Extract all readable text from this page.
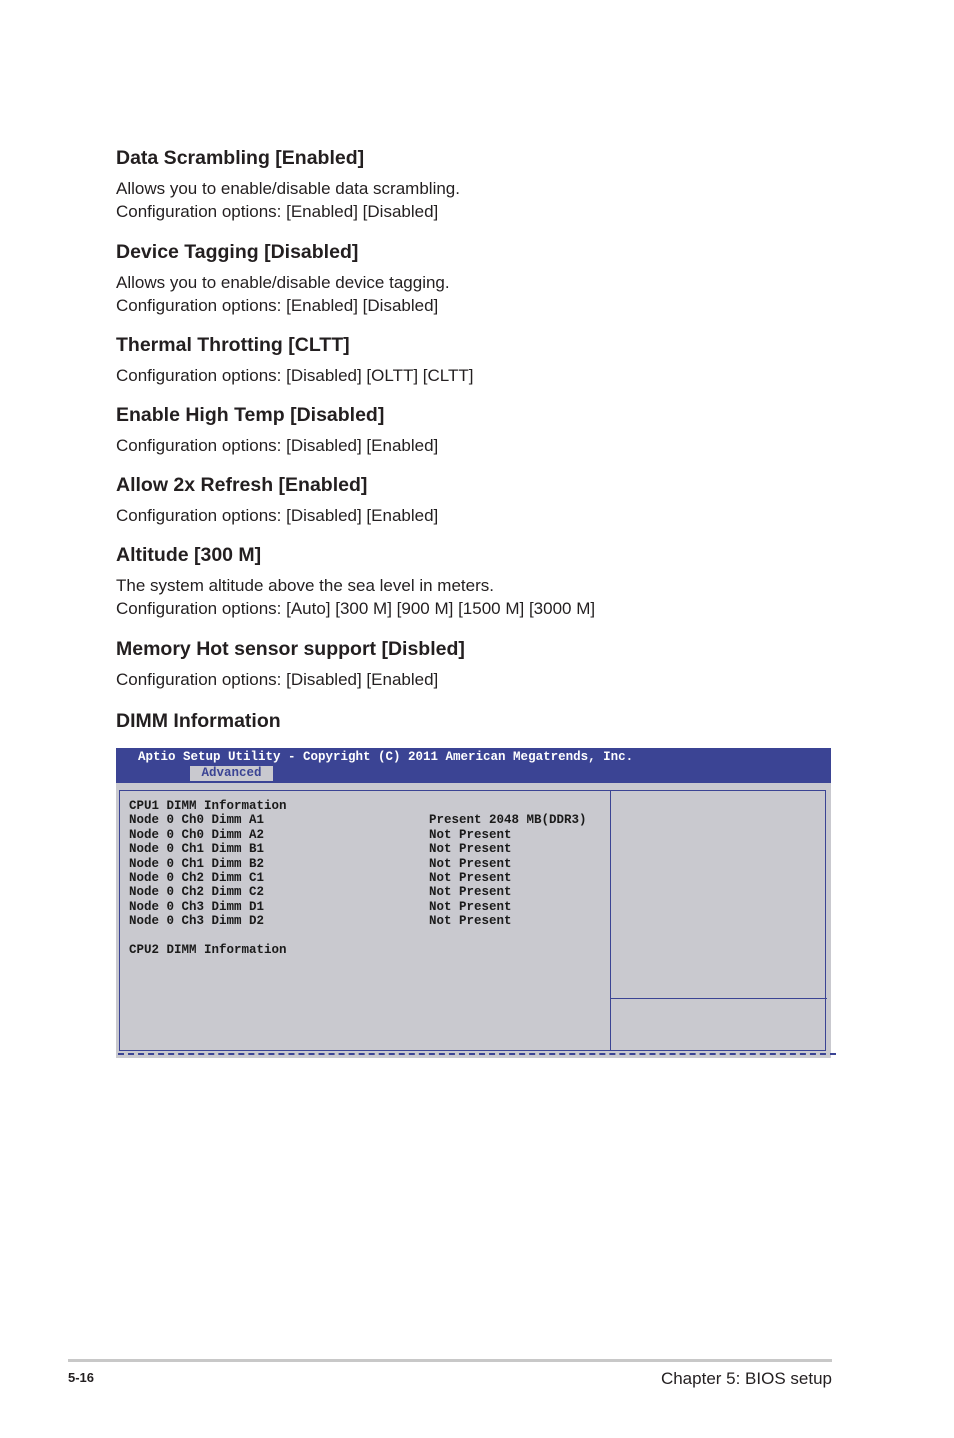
Data Scrambling [Enabled]
Allows you to enable/disable data scrambling.
Configuration options: [Enabled] [Disabled]
Device Tagging [Disabled]
Allows you to enable/disable device tagging.
Configuration options: [Enabled] [Disabled]
Thermal Throtting [CLTT]
Configuration options: [Disabled] [OLTT] [CLTT]
Enable High Temp [Disabled]
Configuration options: [Disabled] [Enabled]
Allow 2x Refresh [Enabled]
Configuration options: [Disabled] [Enabled]
Altitude [300 M]
The system altitude above the sea level in meters.
Configuration options: [Auto] [300 M] [900 M] [1500 M] [3000 M]
Memory Hot sensor support [Disbled]
Configuration options: [Disabled] [Enabled]
DIMM Information
Aptio Setup Utility - Copyright (C) 2011 American Megatrends, Inc.
Advanced
CPU1 DIMM Information
Node 0 Ch0 Dimm A1	Present 2048 MB(DDR3)
Node 0 Ch0 Dimm A2	Not Present
Node 0 Ch1 Dimm B1	Not Present
Node 0 Ch1 Dimm B2	Not Present
Node 0 Ch2 Dimm C1	Not Present
Node 0 Ch2 Dimm C2	Not Present
Node 0 Ch3 Dimm D1	Not Present
Node 0 Ch3 Dimm D2	Not Present
CPU2 DIMM Information
5-16	Chapter 5: BIOS setup
